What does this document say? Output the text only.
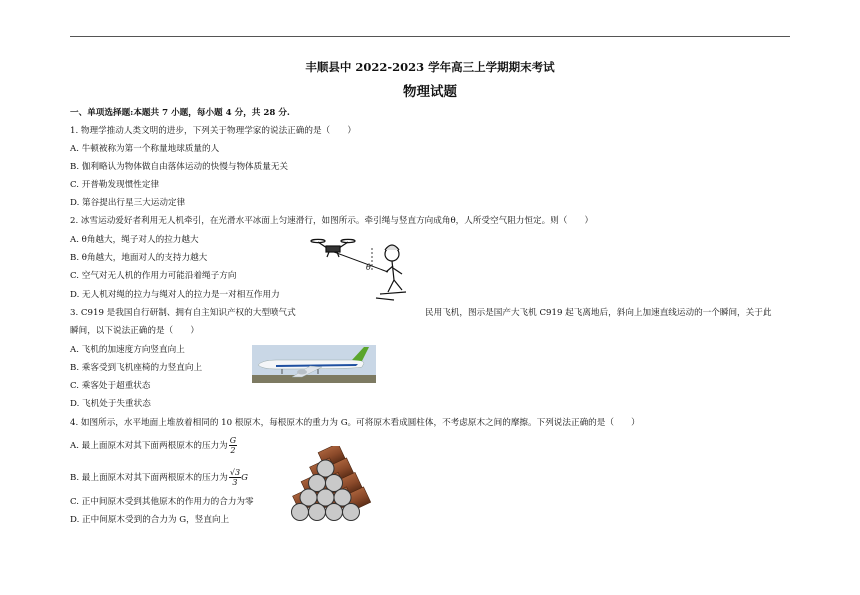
丰顺县中 2022-2023 学年高三上学期期末考试
物理试题
一、单项选择题:本题共 7 小题，每小题 4 分，共 28 分.
1. 物理学推动人类文明的进步，下列关于物理学家的说法正确的是（　　）
A. 牛顿被称为第一个称量地球质量的人
B. 伽利略认为物体做自由落体运动的快慢与物体质量无关
C. 开普勒发现惯性定律
D. 第谷提出行星三大运动定律
2. 冰雪运动爱好者利用无人机牵引，在光滑水平冰面上匀速滑行，如图所示。牵引绳与竖直方向成角θ，人所受空气阻力恒定。则（　　）
A. θ角越大，绳子对人的拉力越大
B. θ角越大，地面对人的支持力越大
C. 空气对无人机的作用力可能沿着绳子方向
D. 无人机对绳的拉力与绳对人的拉力是一对相互作用力
θ
3. C919 是我国自行研制、拥有自主知识产权的大型喷气式	民用飞机，图示是国产大飞机 C919 起飞离地后，斜向上加速直线运动的一个瞬间，关于此
瞬间，以下说法正确的是（　　）
A. 飞机的加速度方向竖直向上
B. 乘客受到飞机座椅的力竖直向上
C. 乘客处于超重状态
D. 飞机处于失重状态
4. 如图所示，水平地面上堆放着相同的 10 根原木，每根原木的重力为 G。可将原木看成圆柱体，不考虑原木之间的摩擦。下列说法正确的是（　　）
A. 最上面原木对其下面两根原木的压力为 $\frac{G}{2}$
B. 最上面原木对其下面两根原木的压力为 $\frac{√3}{3}$ G
C. 正中间原木受到其他原木的作用力的合力为零
D. 正中间原木受到的合力为 G，竖直向上
